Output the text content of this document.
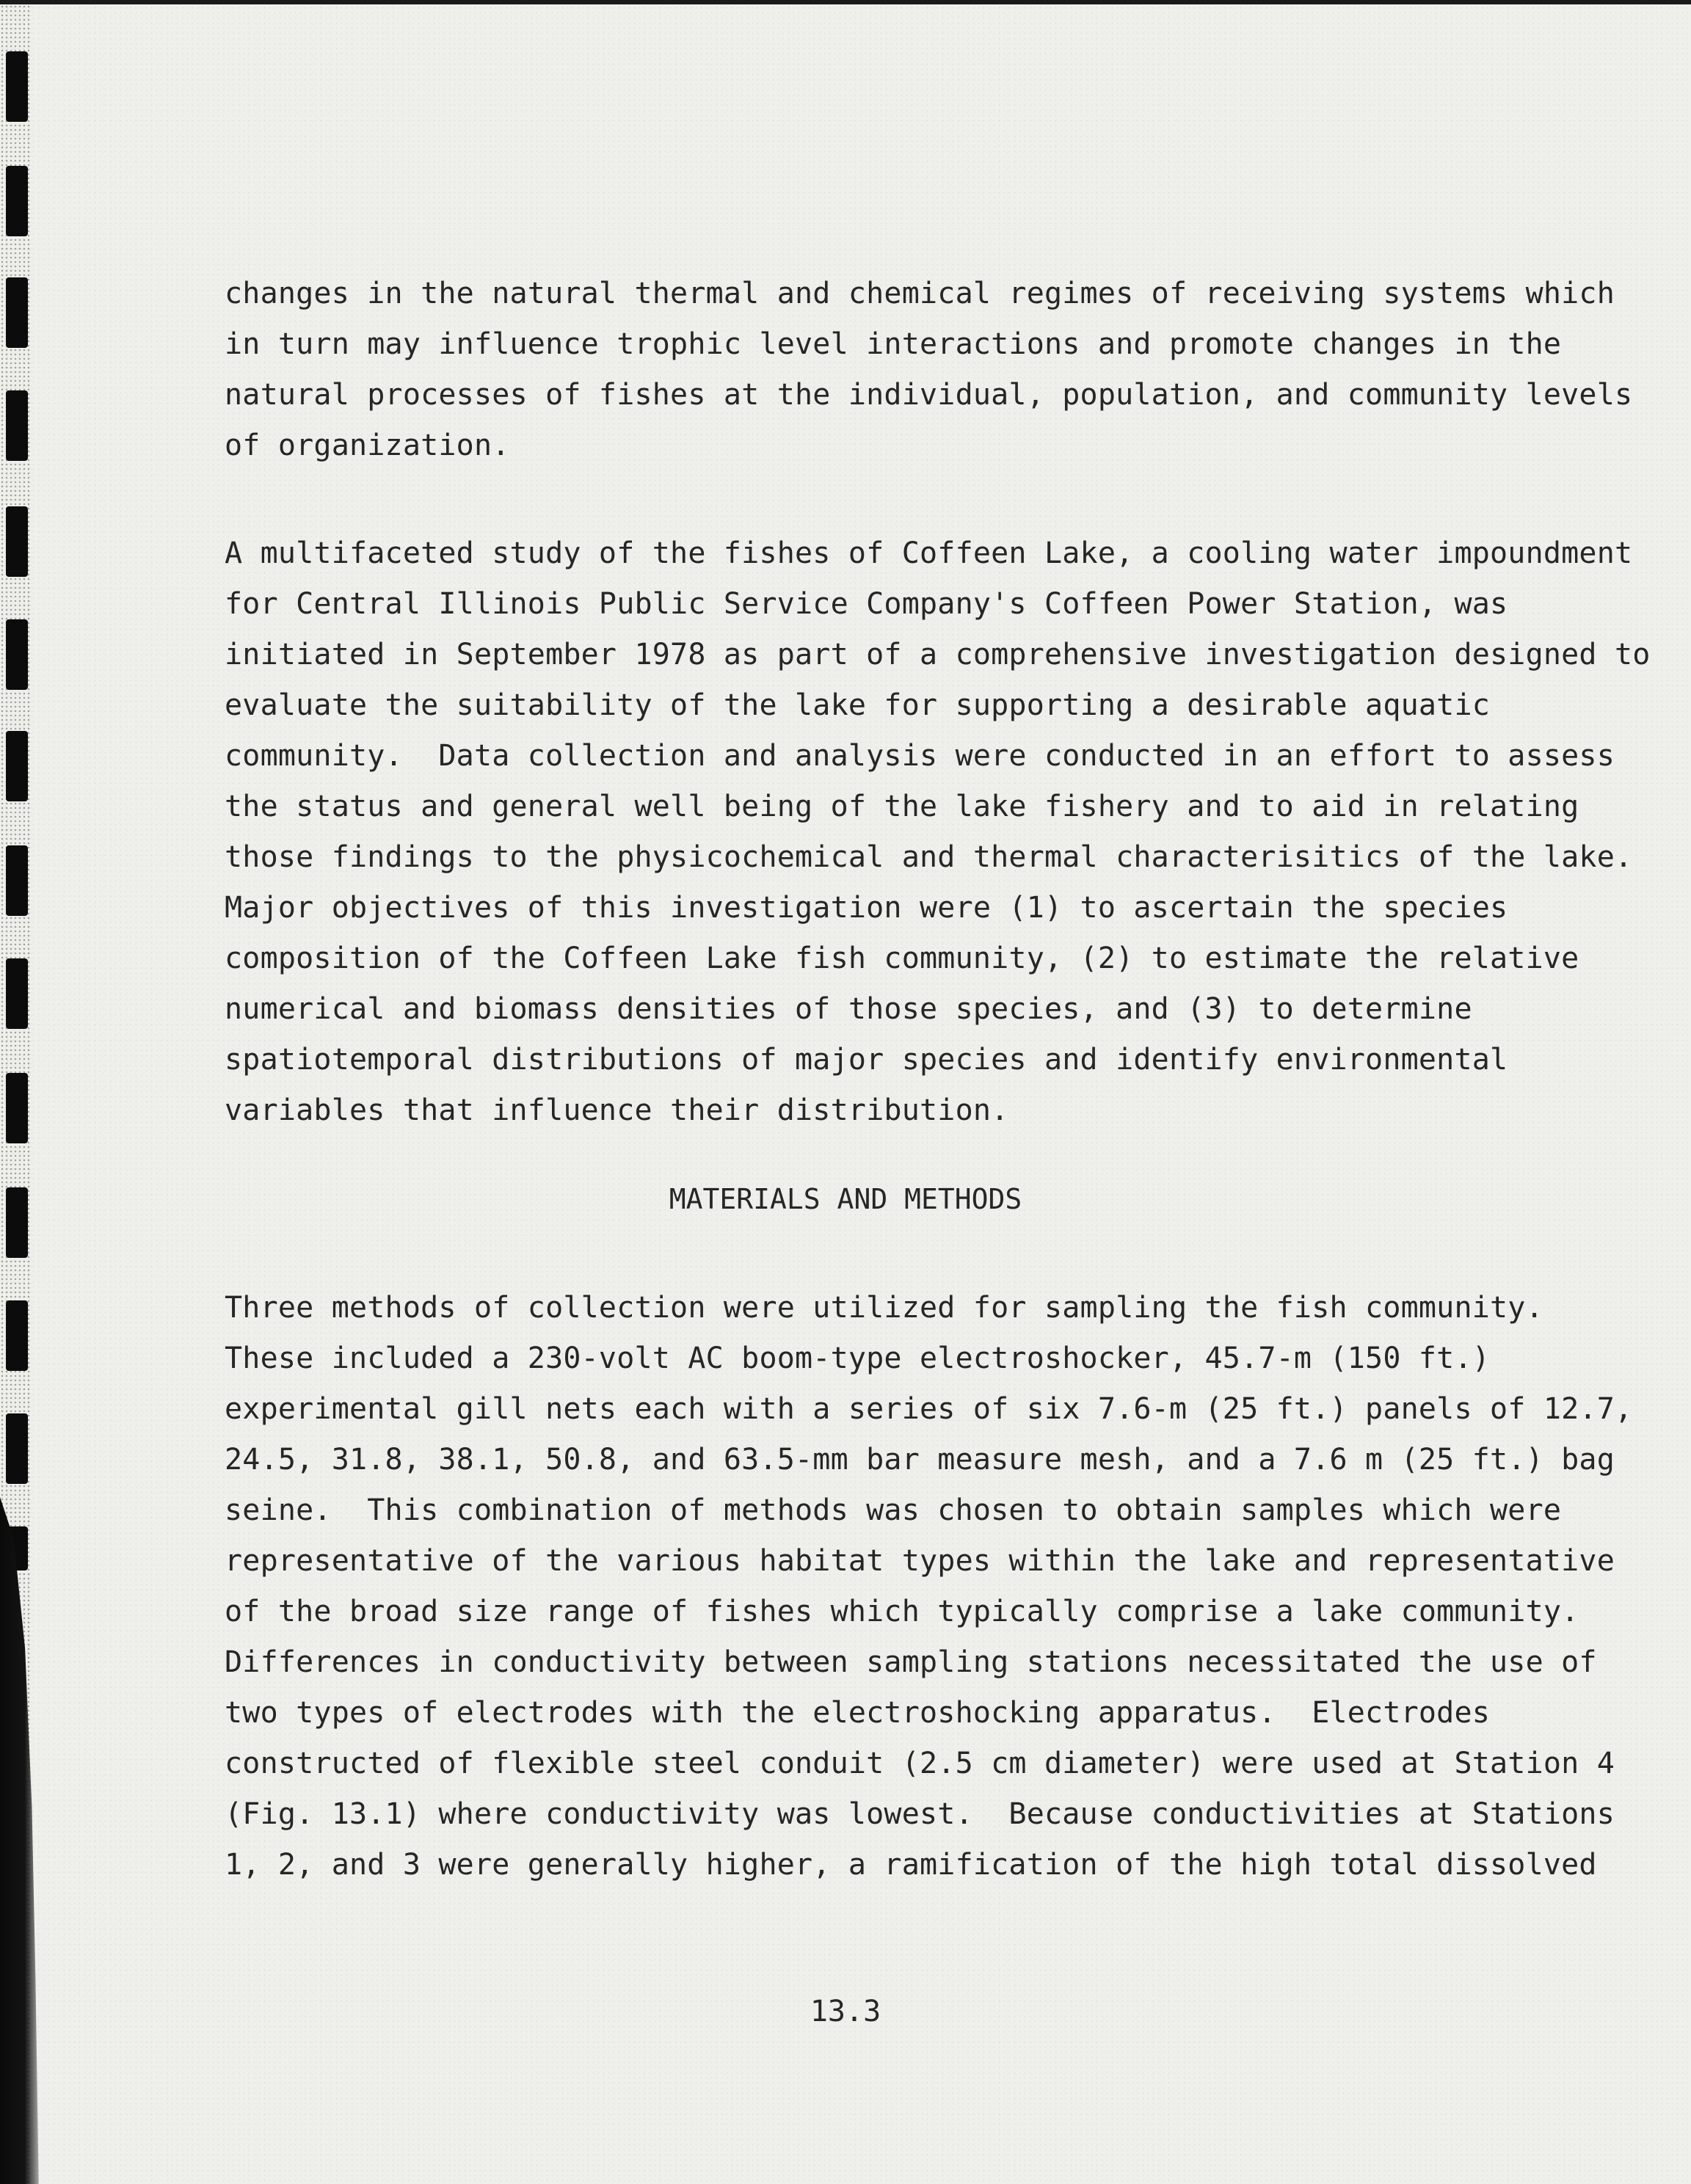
changes in the natural thermal and chemical regimes of receiving systems which
in turn may influence trophic level interactions and promote changes in the
natural processes of fishes at the individual, population, and community levels
of organization.
A multifaceted study of the fishes of Coffeen Lake, a cooling water impoundment
for Central Illinois Public Service Company's Coffeen Power Station, was
initiated in September 1978 as part of a comprehensive investigation designed to
evaluate the suitability of the lake for supporting a desirable aquatic
community.  Data collection and analysis were conducted in an effort to assess
the status and general well being of the lake fishery and to aid in relating
those findings to the physicochemical and thermal characterisitics of the lake.
Major objectives of this investigation were (1) to ascertain the species
composition of the Coffeen Lake fish community, (2) to estimate the relative
numerical and biomass densities of those species, and (3) to determine
spatiotemporal distributions of major species and identify environmental
variables that influence their distribution.
MATERIALS AND METHODS
Three methods of collection were utilized for sampling the fish community.
These included a 230-volt AC boom-type electroshocker, 45.7-m (150 ft.)
experimental gill nets each with a series of six 7.6-m (25 ft.) panels of 12.7,
24.5, 31.8, 38.1, 50.8, and 63.5-mm bar measure mesh, and a 7.6 m (25 ft.) bag
seine.  This combination of methods was chosen to obtain samples which were
representative of the various habitat types within the lake and representative
of the broad size range of fishes which typically comprise a lake community.
Differences in conductivity between sampling stations necessitated the use of
two types of electrodes with the electroshocking apparatus.  Electrodes
constructed of flexible steel conduit (2.5 cm diameter) were used at Station 4
(Fig. 13.1) where conductivity was lowest.  Because conductivities at Stations
1, 2, and 3 were generally higher, a ramification of the high total dissolved
13.3
